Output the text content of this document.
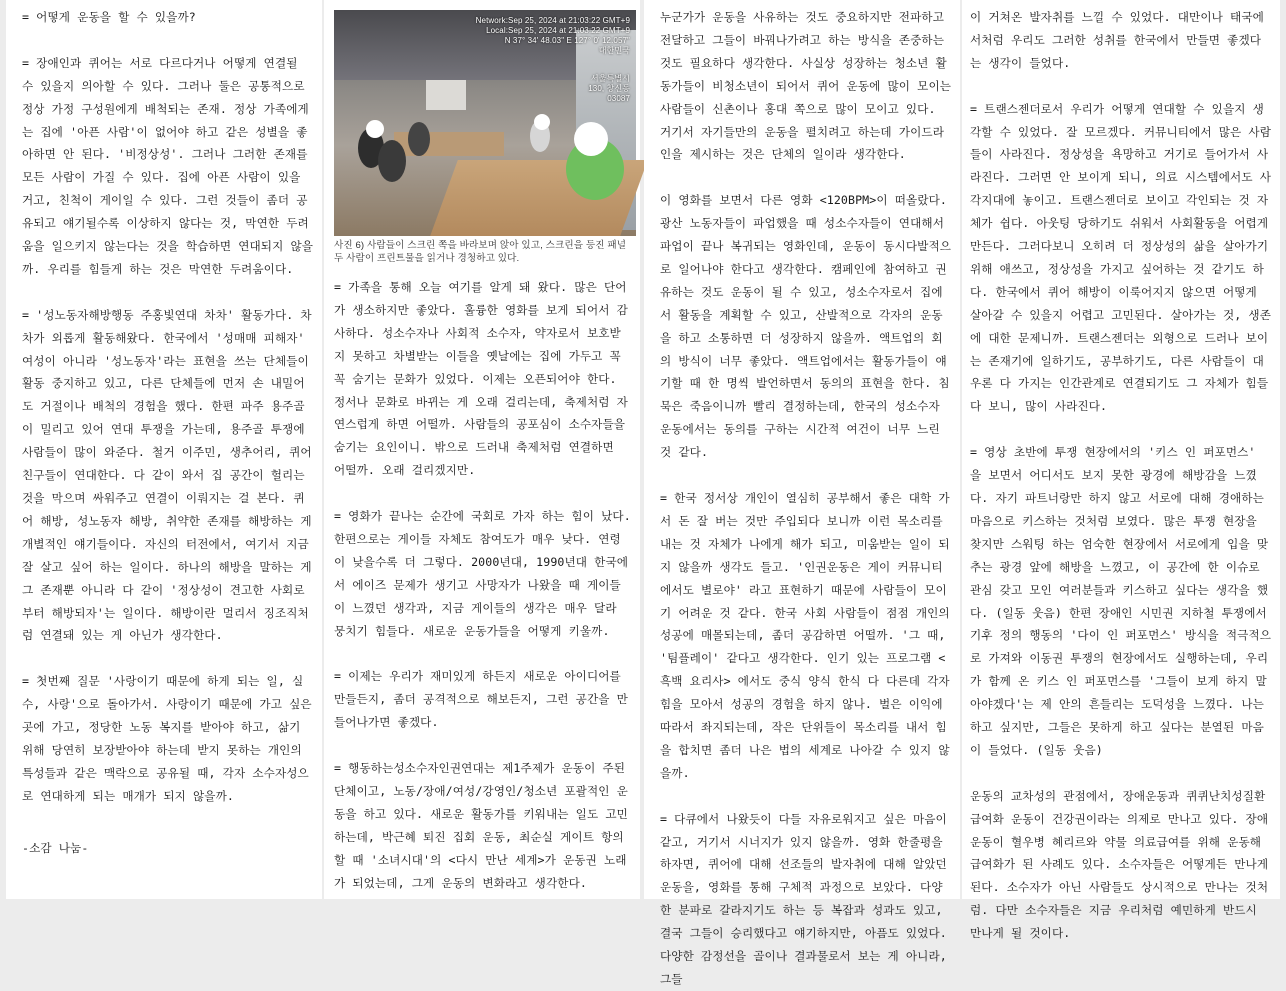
= 어떻게 운동을 할 수 있을까?

= 장애인과 퀴어는 서로 다르다거나 어떻게 연결될 수 있을지 의아할 수 있다. 그러나 둘은 공통적으로 정상 가정 구성원에게 배척되는 존재. 정상 가족에게는 집에 '아픈 사람'이 없어야 하고 같은 성별을 좋아하면 안 된다. '비정상성'. 그러나 그러한 존재를 모든 사람이 가질 수 있다. 집에 아픈 사람이 있을 거고, 친척이 게이일 수 있다. 그런 것들이 좀더 공유되고 얘기될수록 이상하지 않다는 것, 막연한 두려움을 일으키지 않는다는 것을 학습하면 연대되지 않을까. 우리를 힘들게 하는 것은 막연한 두려움이다.

= '성노동자해방행동 주홍빛연대 차차' 활동가다. 차차가 외롭게 활동해왔다. 한국에서 '성매매 피해자' 여성이 아니라 '성노동자'라는 표현을 쓰는 단체들이 활동 중지하고 있고, 다른 단체들에 먼저 손 내밀어도 거절이나 배척의 경험을 했다. 한편 파주 용주골이 밀리고 있어 연대 투쟁을 가는데, 용주골 투쟁에 사람들이 많이 와준다. 철거 이주민, 생추어리, 퀴어 친구들이 연대한다. 다 같이 와서 집 공간이 헐리는 것을 막으며 싸워주고 연결이 이뤄지는 걸 본다. 퀴어 해방, 성노동자 해방, 취약한 존재를 해방하는 게 개별적인 얘기들이다. 자신의 터전에서, 여기서 지금 잘 살고 싶어 하는 일이다. 하나의 해방을 말하는 게 그 존재뿐 아니라 다 같이 '정상성이 견고한 사회로부터 해방되자'는 일이다. 해방이란 멀리서 징조직처럼 연결돼 있는 게 아닌가 생각한다.

= 첫번째 질문 '사랑이기 때문에 하게 되는 일, 실수, 사랑'으로 돌아가서. 사랑이기 때문에 가고 싶은 곳에 가고, 정당한 노동 복지를 받아야 하고, 삶기 위해 당연히 보장받아야 하는데 받지 못하는 개인의 특성들과 같은 맥락으로 공유될 때, 각자 소수자성으로 연대하게 되는 매개가 되지 않을까.

-소감 나눔-

Network:Sep 25, 2024 at 21:03:22 GMT+9
Local:Sep 25, 2024 at 21:03:22 GMT+9
N 37° 34' 48.03" E 127° 0' 12.057"
대한민국
서울특별시
130, 창신동
03087
사진 6) 사람들이 스크린 쪽을 바라보며 앉아 있고, 스크린을 등진 패널 두 사람이 프린트물을 읽거나 경청하고 있다.

= 가족을 통해 오늘 여기를 알게 돼 왔다. 많은 단어가 생소하지만 좋았다. 훌륭한 영화를 보게 되어서 감사하다. 성소수자나 사회적 소수자, 약자로서 보호받지 못하고 차별받는 이들을 옛날에는 집에 가두고 꼭꼭 숨기는 문화가 있었다. 이제는 오픈되어야 한다. 정서나 문화로 바뀌는 게 오래 걸리는데, 축제처럼 자연스럽게 하면 어떨까. 사람들의 공포심이 소수자들을 숨기는 요인이니. 밖으로 드러내 축제처럼 연결하면 어떨까. 오래 걸리겠지만.

= 영화가 끝나는 순간에 국회로 가자 하는 힘이 났다. 한편으로는 게이들 자체도 참여도가 매우 낮다. 연령이 낮을수록 더 그렇다. 2000년대, 1990년대 한국에서 에이즈 문제가 생기고 사망자가 나왔을 때 게이들이 느꼈던 생각과, 지금 게이들의 생각은 매우 달라 뭉치기 힘들다. 새로운 운동가들을 어떻게 키울까.

= 이제는 우리가 재미있게 하든지 새로운 아이디어를 만들든지, 좀더 공격적으로 해보든지, 그런 공간을 만들어나가면 좋겠다.

= 행동하는성소수자인권연대는 제1주제가 운동이 주된 단체이고, 노동/장애/여성/강영인/청소년 포괄적인 운동을 하고 있다. 새로운 활동가를 키워내는 일도 고민하는데, 박근혜 퇴진 집회 운동, 최순실 게이트 항의할 때 '소녀시대'의 <다시 만난 세계>가 운동권 노래가 되었는데, 그게 운동의 변화라고 생각한다.

누군가가 운동을 사유하는 것도 중요하지만 전파하고 전달하고 그들이 바꿔나가려고 하는 방식을 존중하는 것도 필요하다 생각한다. 사실상 성장하는 청소년 활동가들이 비청소년이 되어서 퀴어 운동에 많이 모이는 사람들이 신촌이나 홍대 쪽으로 많이 모이고 있다. 거기서 자기들만의 운동을 펼치려고 하는데 가이드라인을 제시하는 것은 단체의 일이라 생각한다.

이 영화를 보면서 다른 영화 <120BPM>이 떠올랐다. 광산 노동자들이 파업했을 때 성소수자들이 연대해서 파업이 끝나 복귀되는 영화인데, 운동이 동시다발적으로 일어나야 한다고 생각한다. 캠페인에 참여하고 권유하는 것도 운동이 될 수 있고, 성소수자로서 집에서 활동을 계획할 수 있고, 산발적으로 각자의 운동을 하고 소통하면 더 성장하지 않을까. 액트업의 회의 방식이 너무 좋았다. 액트업에서는 활동가들이 얘기할 때 한 명씩 발언하면서 동의의 표현을 한다. 침묵은 죽음이니까 빨리 결정하는데, 한국의 성소수자 운동에서는 동의를 구하는 시간적 여건이 너무 느린 것 같다.

= 한국 정서상 개인이 열심히 공부해서 좋은 대학 가서 돈 잘 버는 것만 주입되다 보니까 이런 목소리를 내는 것 자체가 나에게 해가 되고, 미움받는 일이 되지 않을까 생각도 들고. '인권운동은 게이 커뮤니티에서도 별로야' 라고 표현하기 때문에 사람들이 모이기 어려운 것 같다. 한국 사회 사람들이 점점 개인의 성공에 매몰되는데, 좀더 공감하면 어떨까. '그 때, '팀플레이' 같다고 생각한다. 인기 있는 프로그램 <흑백 요리사> 에서도 중식 양식 한식 다 다른데 각자 힘을 모아서 성공의 경험을 하지 않나. 벌은 이익에 따라서 좌지되는데, 작은 단위들이 목소리를 내서 힘을 합치면 좀더 나은 법의 세계로 나아갈 수 있지 않을까.

= 다큐에서 나왔듯이 다들 자유로워지고 싶은 마음이 같고, 거기서 시너지가 있지 않을까. 영화 한줄평을 하자면, 퀴어에 대해 선조들의 발자취에 대해 알았던 운동을, 영화를 통해 구체적 과정으로 보았다. 다양한 분파로 갈라지기도 하는 등 복잡과 성과도 있고, 결국 그들이 승리했다고 얘기하지만, 아픔도 있었다. 다양한 감정선을 골이나 결과물로서 보는 게 아니라, 그들

이 거쳐온 발자취를 느낄 수 있었다. 대만이나 태국에서처럼 우리도 그러한 성취를 한국에서 만들면 좋겠다는 생각이 들었다.

= 트랜스젠더로서 우리가 어떻게 연대할 수 있을지 생각할 수 있었다. 잘 모르겠다. 커뮤니티에서 많은 사람들이 사라진다. 정상성을 욕망하고 거기로 들어가서 사라진다. 그러면 안 보이게 되니, 의료 시스템에서도 사각지대에 놓이고. 트랜스젠더로 보이고 각인되는 것 자체가 쉽다. 아웃팅 당하기도 쉬워서 사회활동을 어렵게 만든다. 그러다보니 오히려 더 정상성의 삶을 살아가기 위해 애쓰고, 정상성을 가지고 싶어하는 것 같기도 하다. 한국에서 퀴어 해방이 이룩어지지 않으면 어떻게 살아갈 수 있을지 어렵고 고민된다. 살아가는 것, 생존에 대한 문제니까. 트랜스젠더는 외형으로 드러나 보이는 존재기에 일하기도, 공부하기도, 다른 사람들이 대우론 다 가지는 인간관계로 연결되기도 그 자체가 힘들다 보니, 많이 사라진다.

= 영상 초반에 투쟁 현장에서의 '키스 인 퍼포먼스' 을 보면서 어디서도 보지 못한 광경에 해방감을 느꼈다. 자기 파트너랑만 하지 않고 서로에 대해 경애하는 마음으로 키스하는 것처럼 보였다. 많은 투쟁 현장을 찾지만 스워팅 하는 엄숙한 현장에서 서로에게 입을 맞추는 광경 앞에 해방을 느꼈고, 이 공간에 한 이슈로 관심 갖고 모인 여러분들과 키스하고 싶다는 생각을 했다. (일동 웃음) 한편 장애인 시민권 지하철 투쟁에서 기후 정의 행동의 '다이 인 퍼포먼스' 방식을 적극적으로 가져와 이동권 투쟁의 현장에서도 실행하는데, 우리가 함께 온 키스 인 퍼포먼스를 '그들이 보게 하지 말아야겠다'는 제 안의 흔들리는 도덕성을 느꼈다. 나는 하고 싶지만, 그들은 못하게 하고 싶다는 분열된 마음이 들었다. (일동 웃음)

운동의 교차성의 관점에서, 장애운동과 퀴퀴난치성질환 급여화 운동이 건강권이라는 의제로 만나고 있다. 장애운동이 혈우병 혜리르와 약물 의료급여를 위해 운동해 급여화가 된 사례도 있다. 소수자들은 어떻게든 만나게 된다. 소수자가 아닌 사람들도 상시적으로 만나는 것처럼. 다만 소수자들은 지금 우리처럼 예민하게 반드시 만나게 될 것이다.
